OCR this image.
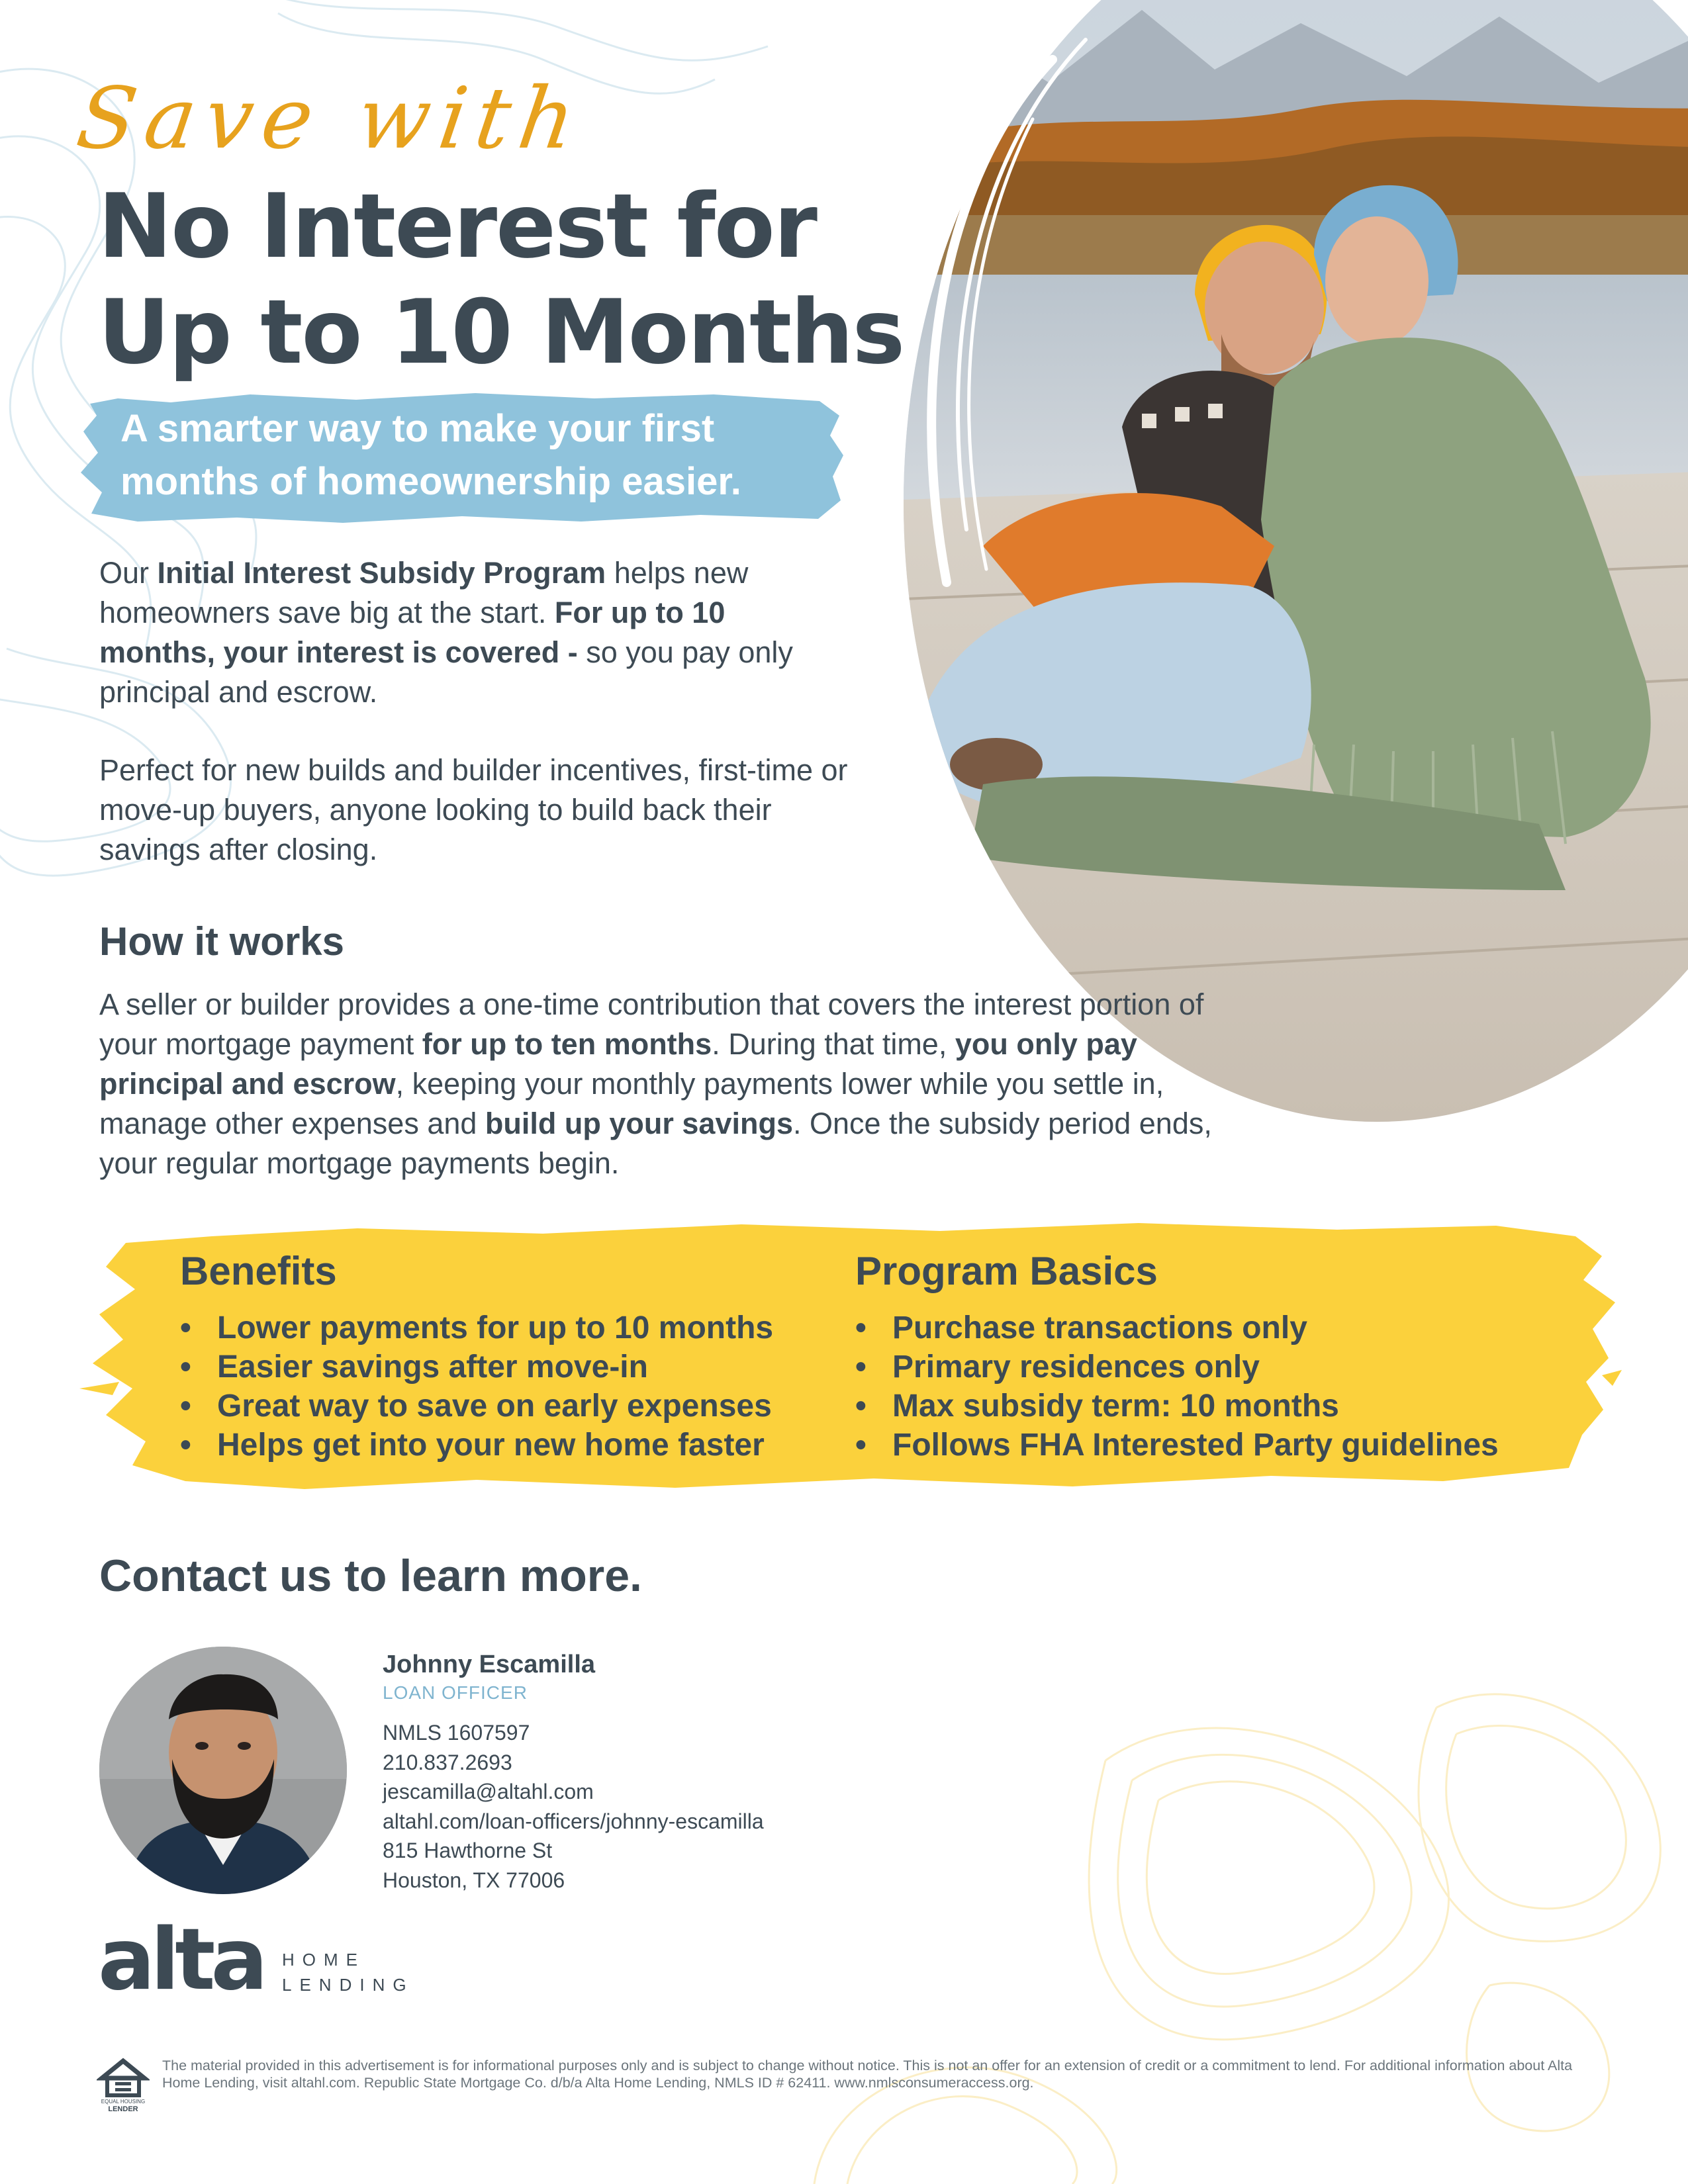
Save with
No Interest for
Up to 10 Months
A smarter way to make your first
months of homeownership easier.
Our Initial Interest Subsidy Program helps new homeowners save big at the start. For up to 10 months, your interest is covered - so you pay only principal and escrow.
Perfect for new builds and builder incentives, first-time or move-up buyers, anyone looking to build back their savings after closing.
How it works
A seller or builder provides a one-time contribution that covers the interest portion of your mortgage payment for up to ten months. During that time, you only pay principal and escrow, keeping your monthly payments lower while you settle in, manage other expenses and build up your savings. Once the subsidy period ends, your regular mortgage payments begin.
Benefits
• Lower payments for up to 10 months
• Easier savings after move-in
• Great way to save on early expenses
• Helps get into your new home faster
Program Basics
• Purchase transactions only
• Primary residences only
• Max subsidy term: 10 months
• Follows FHA Interested Party guidelines
Contact us to learn more.
Johnny Escamilla
LOAN OFFICER
NMLS 1607597
210.837.2693
jescamilla@altahl.com
altahl.com/loan-officers/johnny-escamilla
815 Hawthorne St
Houston, TX 77006
alta HOME
LENDING
EQUAL HOUSING
LENDER
The material provided in this advertisement is for informational purposes only and is subject to change without notice. This is not an offer for an extension of credit or a commitment to lend. For additional information about Alta Home Lending, visit altahl.com. Republic State Mortgage Co. d/b/a Alta Home Lending, NMLS ID # 62411. www.nmlsconsumeraccess.org.
